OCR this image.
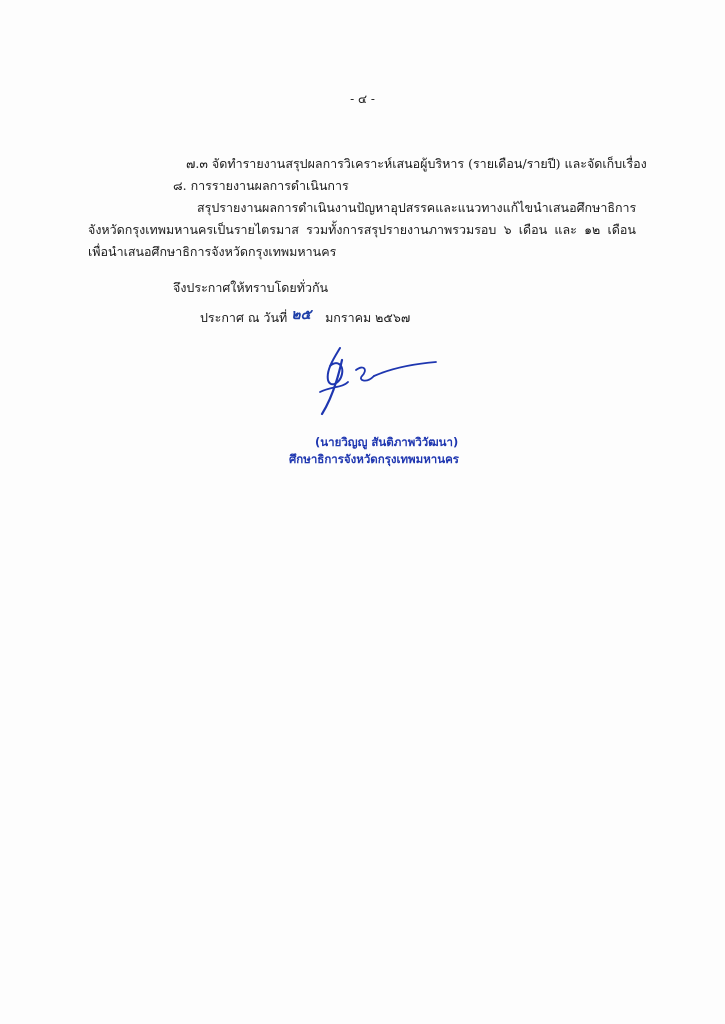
- ๔ -
๗.๓ จัดทำรายงานสรุปผลการวิเคราะห์เสนอผู้บริหาร (รายเดือน/รายปี) และจัดเก็บเรื่อง
๘. การรายงานผลการดำเนินการ
สรุปรายงานผลการดำเนินงาน ปัญหาอุปสรรค และแนวทางแก้ไข นำเสนอศึกษาธิการ
จังหวัดกรุงเทพมหานครเป็นรายไตรมาส รวมทั้งการสรุปรายงานภาพรวมรอบ ๖ เดือน และ ๑๒ เดือน
เพื่อนำเสนอศึกษาธิการจังหวัดกรุงเทพมหานคร
จึงประกาศให้ทราบโดยทั่วกัน
ประกาศ ณ วันที่ ๒๕ มกราคม ๒๕๖๗
(นายวิญญู สันติภาพวิวัฒนา)
ศึกษาธิการจังหวัดกรุงเทพมหานคร
